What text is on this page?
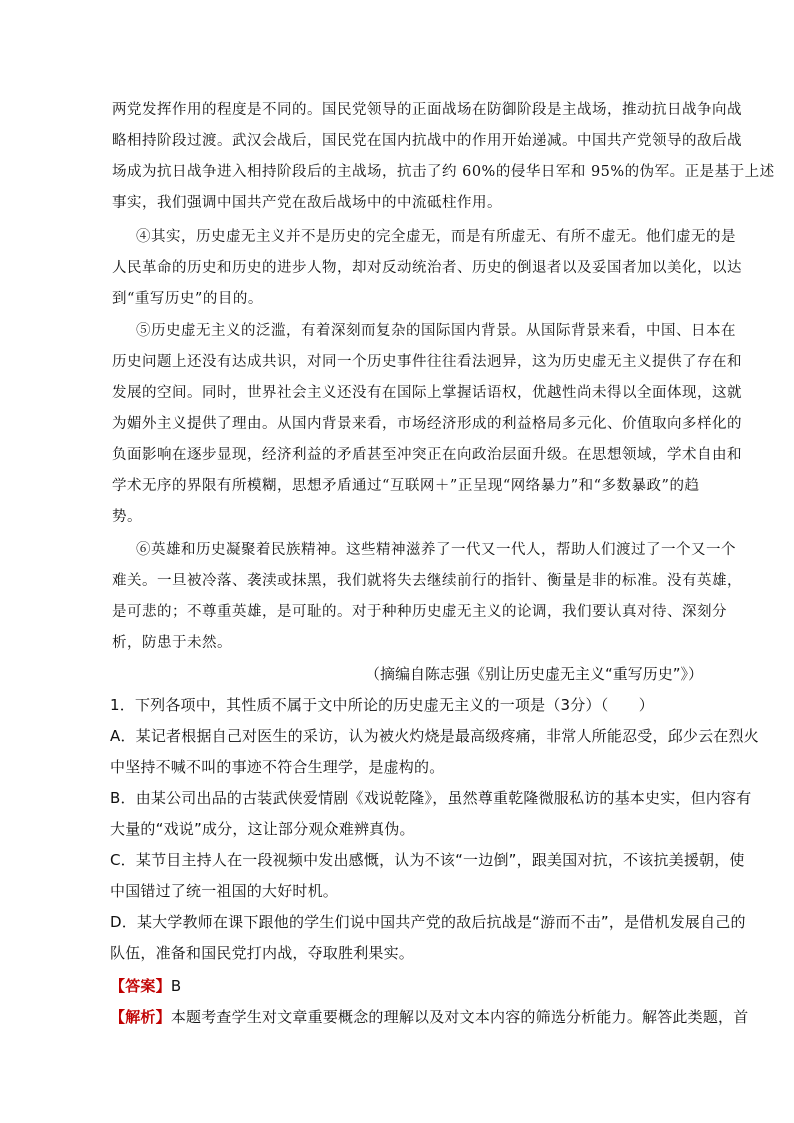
两党发挥作用的程度是不同的。国民党领导的正面战场在防御阶段是主战场，推动抗日战争向战
略相持阶段过渡。武汉会战后，国民党在国内抗战中的作用开始递减。中国共产党领导的敌后战
场成为抗日战争进入相持阶段后的主战场，抗击了约 60%的侵华日军和 95%的伪军。正是基于上述
事实，我们强调中国共产党在敌后战场中的中流砥柱作用。
④其实，历史虚无主义并不是历史的完全虚无，而是有所虚无、有所不虚无。他们虚无的是
人民革命的历史和历史的进步人物，却对反动统治者、历史的倒退者以及妥国者加以美化，以达
到“重写历史”的目的。
⑤历史虚无主义的泛滥，有着深刻而复杂的国际国内背景。从国际背景来看，中国、日本在
历史问题上还没有达成共识，对同一个历史事件往往看法迥异，这为历史虚无主义提供了存在和
发展的空间。同时，世界社会主义还没有在国际上掌握话语权，优越性尚未得以全面体现，这就
为媚外主义提供了理由。从国内背景来看，市场经济形成的利益格局多元化、价值取向多样化的
负面影响在逐步显现，经济利益的矛盾甚至冲突正在向政治层面升级。在思想领域，学术自由和
学术无序的界限有所模糊，思想矛盾通过“互联网＋”正呈现“网络暴力”和“多数暴政”的趋
势。
⑥英雄和历史凝聚着民族精神。这些精神滋养了一代又一代人，帮助人们渡过了一个又一个
难关。一旦被冷落、袭渎或抹黑，我们就将失去继续前行的指针、衡量是非的标准。没有英雄，
是可悲的；不尊重英雄，是可耻的。对于种种历史虚无主义的论调，我们要认真对待、深刻分
析，防患于未然。
（摘编自陈志强《别让历史虚无主义“重写历史”》）
1．下列各项中，其性质不属于文中所论的历史虚无主义的一项是（3分）（　　）
A．某记者根据自己对医生的采访，认为被火灼烧是最高级疼痛，非常人所能忍受，邱少云在烈火
中坚持不喊不叫的事迹不符合生理学，是虚构的。
B．由某公司出品的古装武侠爱情剧《戏说乾隆》，虽然尊重乾隆微服私访的基本史实，但内容有
大量的“戏说”成分，这让部分观众难辨真伪。
C．某节目主持人在一段视频中发出感慨，认为不该“一边倒”，跟美国对抗，不该抗美援朝，使
中国错过了统一祖国的大好时机。
D．某大学教师在课下跟他的学生们说中国共产党的敌后抗战是“游而不击”，是借机发展自己的
队伍，准备和国民党打内战，夺取胜利果实。
【答案】B
【解析】本题考查学生对文章重要概念的理解以及对文本内容的筛选分析能力。解答此类题，首
